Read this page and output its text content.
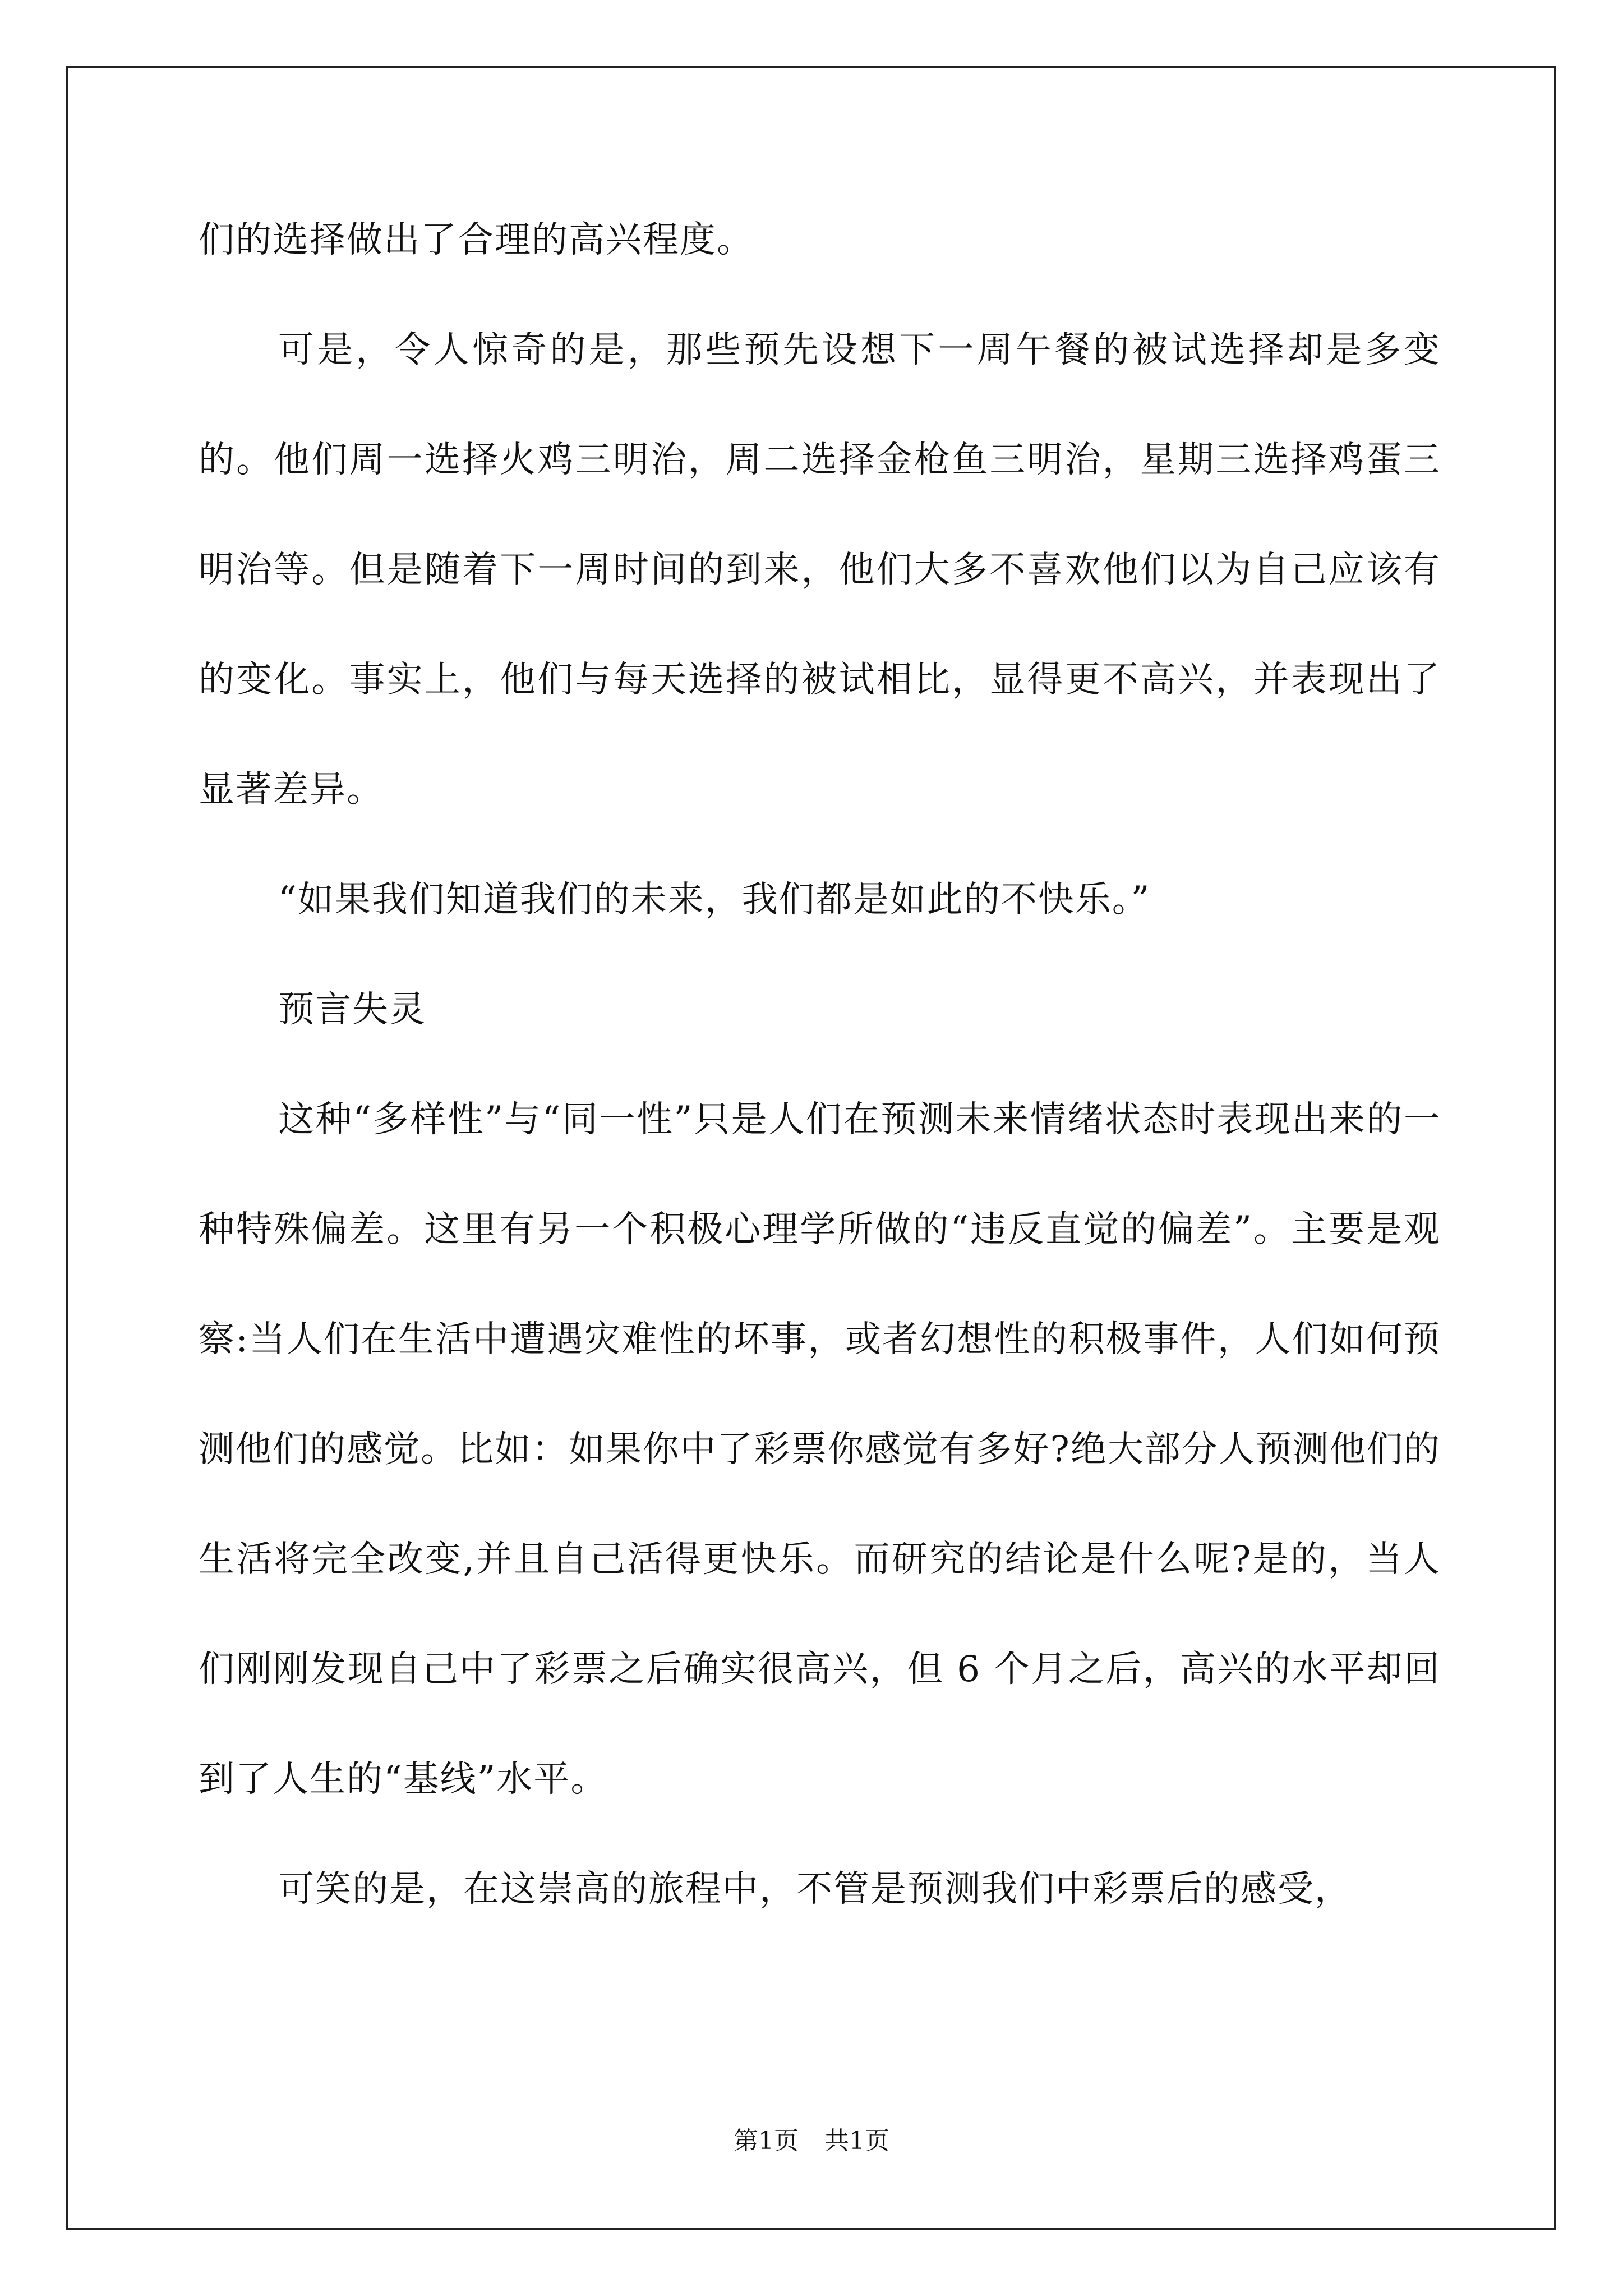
们的选择做出了合理的高兴程度。

可是，令人惊奇的是，那些预先设想下一周午餐的被试选择却是多变的。他们周一选择火鸡三明治，周二选择金枪鱼三明治，星期三选择鸡蛋三明治等。但是随着下一周时间的到来，他们大多不喜欢他们以为自己应该有的变化。事实上，他们与每天选择的被试相比，显得更不高兴，并表现出了显著差异。

“如果我们知道我们的未来，我们都是如此的不快乐。”

预言失灵

这种“多样性”与“同一性”只是人们在预测未来情绪状态时表现出来的一种特殊偏差。这里有另一个积极心理学所做的“违反直觉的偏差”。主要是观察:当人们在生活中遭遇灾难性的坏事，或者幻想性的积极事件，人们如何预测他们的感觉。比如：如果你中了彩票你感觉有多好?绝大部分人预测他们的生活将完全改变,并且自己活得更快乐。而研究的结论是什么呢?是的，当人们刚刚发现自己中了彩票之后确实很高兴，但 6 个月之后，高兴的水平却回到了人生的“基线”水平。

可笑的是，在这崇高的旅程中，不管是预测我们中彩票后的感受，

第1页 共1页
